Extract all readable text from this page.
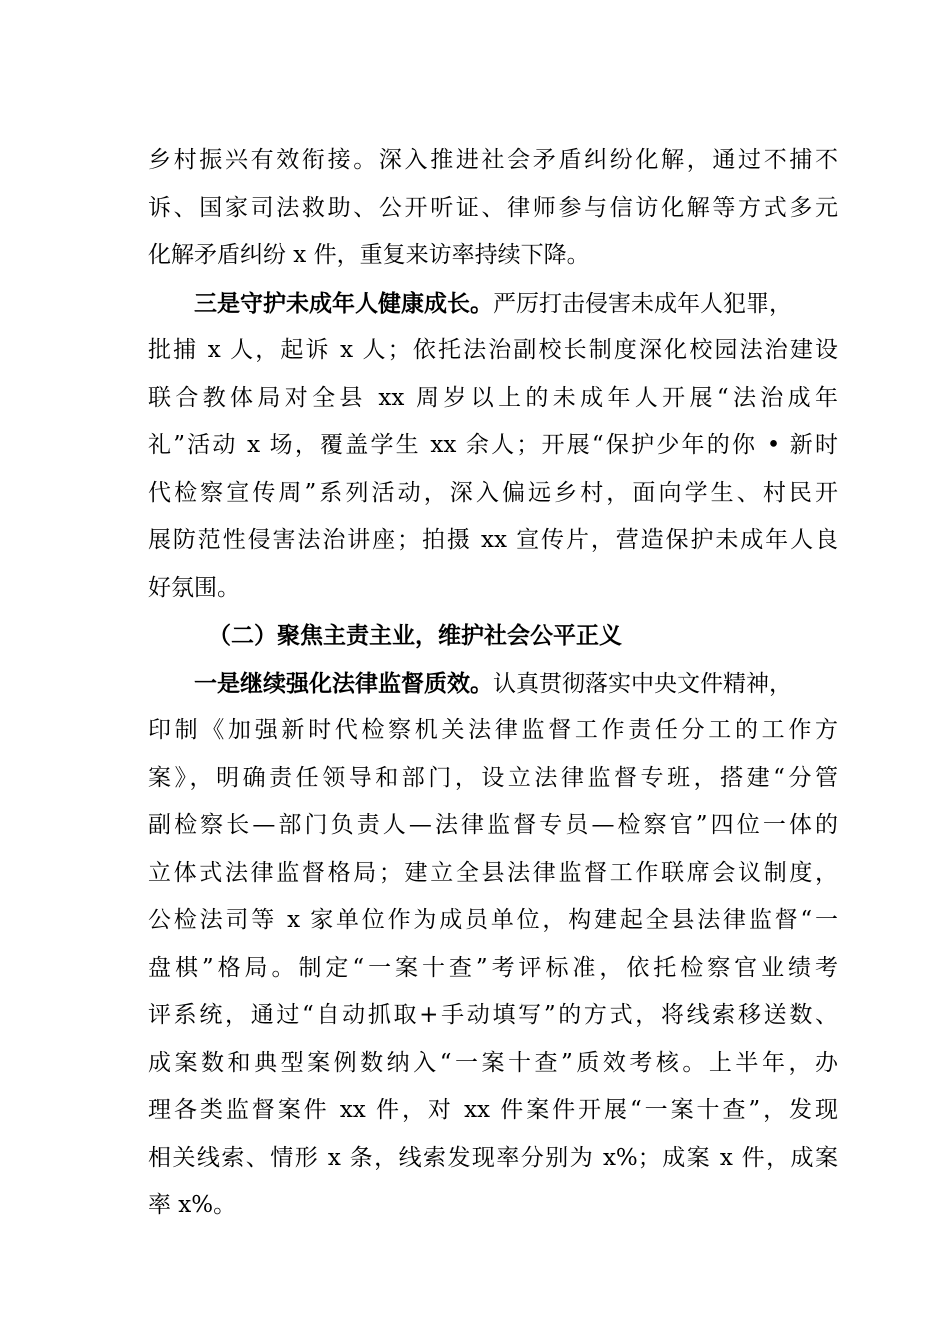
乡村振兴有效衔接。深入推进社会矛盾纠纷化解，通过不捕不
诉、国家司法救助、公开听证、律师参与信访化解等方式多元
化解矛盾纠纷 x 件，重复来访率持续下降。
三是守护未成年人健康成长。严厉打击侵害未成年人犯罪，
批捕 x 人，起诉 x 人；依托法治副校长制度深化校园法治建设
联合教体局对全县 xx 周岁以上的未成年人开展“法治成年
礼”活动 x 场，覆盖学生 xx 余人；开展“保护少年的你 • 新时
代检察宣传周”系列活动，深入偏远乡村，面向学生、村民开
展防范性侵害法治讲座；拍摄 xx 宣传片，营造保护未成年人良
好氛围。
（二）聚焦主责主业，维护社会公平正义
一是继续强化法律监督质效。认真贯彻落实中央文件精神，
印制《加强新时代检察机关法律监督工作责任分工的工作方
案》，明确责任领导和部门，设立法律监督专班，搭建“分管
副检察长—部门负责人—法律监督专员—检察官”四位一体的
立体式法律监督格局；建立全县法律监督工作联席会议制度，
公检法司等 x 家单位作为成员单位，构建起全县法律监督“一
盘棋”格局。制定“一案十查”考评标准，依托检察官业绩考
评系统，通过“自动抓取+手动填写”的方式，将线索移送数、
成案数和典型案例数纳入“一案十查”质效考核。上半年，办
理各类监督案件 xx 件，对 xx 件案件开展“一案十查”，发现
相关线索、情形 x 条，线索发现率分别为 x%；成案 x 件，成案
率 x%。
